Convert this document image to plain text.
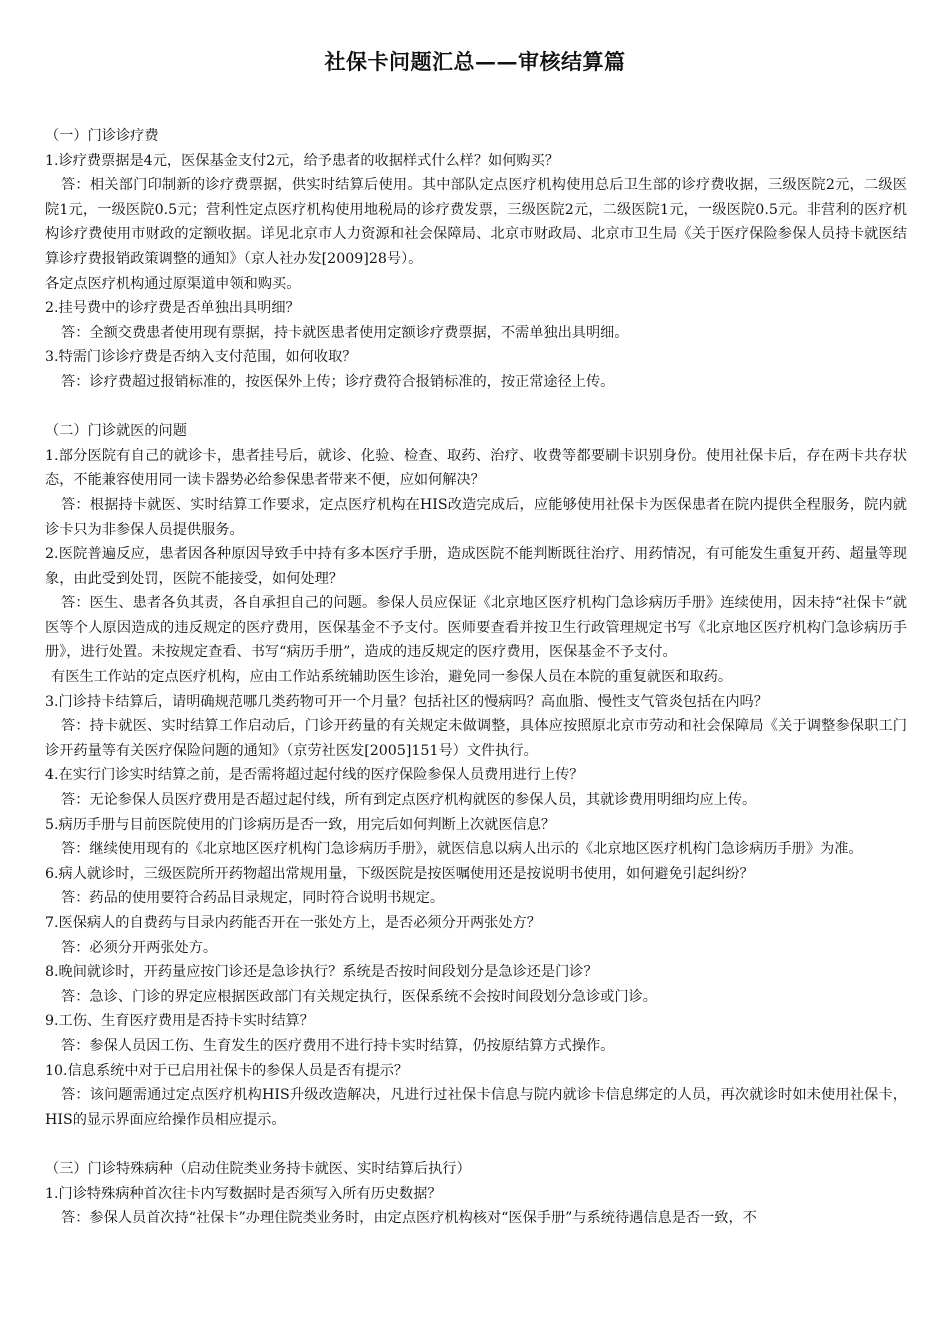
社保卡问题汇总——审核结算篇

（一）门诊诊疗费

1.诊疗费票据是4元，医保基金支付2元，给予患者的收据样式什么样？如何购买？

答：相关部门印制新的诊疗费票据，供实时结算后使用。其中部队定点医疗机构使用总后卫生部的诊疗费收据，三级医院2元，二级医院1元，一级医院0.5元；营利性定点医疗机构使用地税局的诊疗费发票，三级医院2元，二级医院1元，一级医院0.5元。非营利的医疗机构诊疗费使用市财政的定额收据。详见北京市人力资源和社会保障局、北京市财政局、北京市卫生局《关于医疗保险参保人员持卡就医结算诊疗费报销政策调整的通知》（京人社办发[2009]28号）。

各定点医疗机构通过原渠道申领和购买。

2.挂号费中的诊疗费是否单独出具明细？

答：全额交费患者使用现有票据，持卡就医患者使用定额诊疗费票据，不需单独出具明细。

3.特需门诊诊疗费是否纳入支付范围，如何收取？

答：诊疗费超过报销标准的，按医保外上传；诊疗费符合报销标准的，按正常途径上传。

（二）门诊就医的问题

1.部分医院有自己的就诊卡，患者挂号后，就诊、化验、检查、取药、治疗、收费等都要刷卡识别身份。使用社保卡后，存在两卡共存状态，不能兼容使用同一读卡器势必给参保患者带来不便，应如何解决？

答：根据持卡就医、实时结算工作要求，定点医疗机构在HIS改造完成后，应能够使用社保卡为医保患者在院内提供全程服务，院内就诊卡只为非参保人员提供服务。

2.医院普遍反应，患者因各种原因导致手中持有多本医疗手册，造成医院不能判断既往治疗、用药情况，有可能发生重复开药、超量等现象，由此受到处罚，医院不能接受，如何处理？

答：医生、患者各负其责，各自承担自己的问题。参保人员应保证《北京地区医疗机构门急诊病历手册》连续使用，因未持“社保卡”就医等个人原因造成的违反规定的医疗费用，医保基金不予支付。医师要查看并按卫生行政管理规定书写《北京地区医疗机构门急诊病历手册》，进行处置。未按规定查看、书写“病历手册”，造成的违反规定的医疗费用，医保基金不予支付。

有医生工作站的定点医疗机构，应由工作站系统辅助医生诊治，避免同一参保人员在本院的重复就医和取药。

3.门诊持卡结算后，请明确规范哪几类药物可开一个月量？包括社区的慢病吗？高血脂、慢性支气管炎包括在内吗？

答：持卡就医、实时结算工作启动后，门诊开药量的有关规定未做调整，具体应按照原北京市劳动和社会保障局《关于调整参保职工门诊开药量等有关医疗保险问题的通知》（京劳社医发[2005]151号）文件执行。

4.在实行门诊实时结算之前，是否需将超过起付线的医疗保险参保人员费用进行上传？

答：无论参保人员医疗费用是否超过起付线，所有到定点医疗机构就医的参保人员，其就诊费用明细均应上传。

5.病历手册与目前医院使用的门诊病历是否一致，用完后如何判断上次就医信息？

答：继续使用现有的《北京地区医疗机构门急诊病历手册》，就医信息以病人出示的《北京地区医疗机构门急诊病历手册》为准。

6.病人就诊时，三级医院所开药物超出常规用量，下级医院是按医嘱使用还是按说明书使用，如何避免引起纠纷？

答：药品的使用要符合药品目录规定，同时符合说明书规定。

7.医保病人的自费药与目录内药能否开在一张处方上，是否必须分开两张处方？

答：必须分开两张处方。

8.晚间就诊时，开药量应按门诊还是急诊执行？系统是否按时间段划分是急诊还是门诊？

答：急诊、门诊的界定应根据医政部门有关规定执行，医保系统不会按时间段划分急诊或门诊。

9.工伤、生育医疗费用是否持卡实时结算？

答：参保人员因工伤、生育发生的医疗费用不进行持卡实时结算，仍按原结算方式操作。

10.信息系统中对于已启用社保卡的参保人员是否有提示？

答：该问题需通过定点医疗机构HIS升级改造解决，凡进行过社保卡信息与院内就诊卡信息绑定的人员，再次就诊时如未使用社保卡，HIS的显示界面应给操作员相应提示。

（三）门诊特殊病种（启动住院类业务持卡就医、实时结算后执行）

1.门诊特殊病种首次往卡内写数据时是否须写入所有历史数据？

答：参保人员首次持“社保卡”办理住院类业务时，由定点医疗机构核对“医保手册”与系统待遇信息是否一致，不
